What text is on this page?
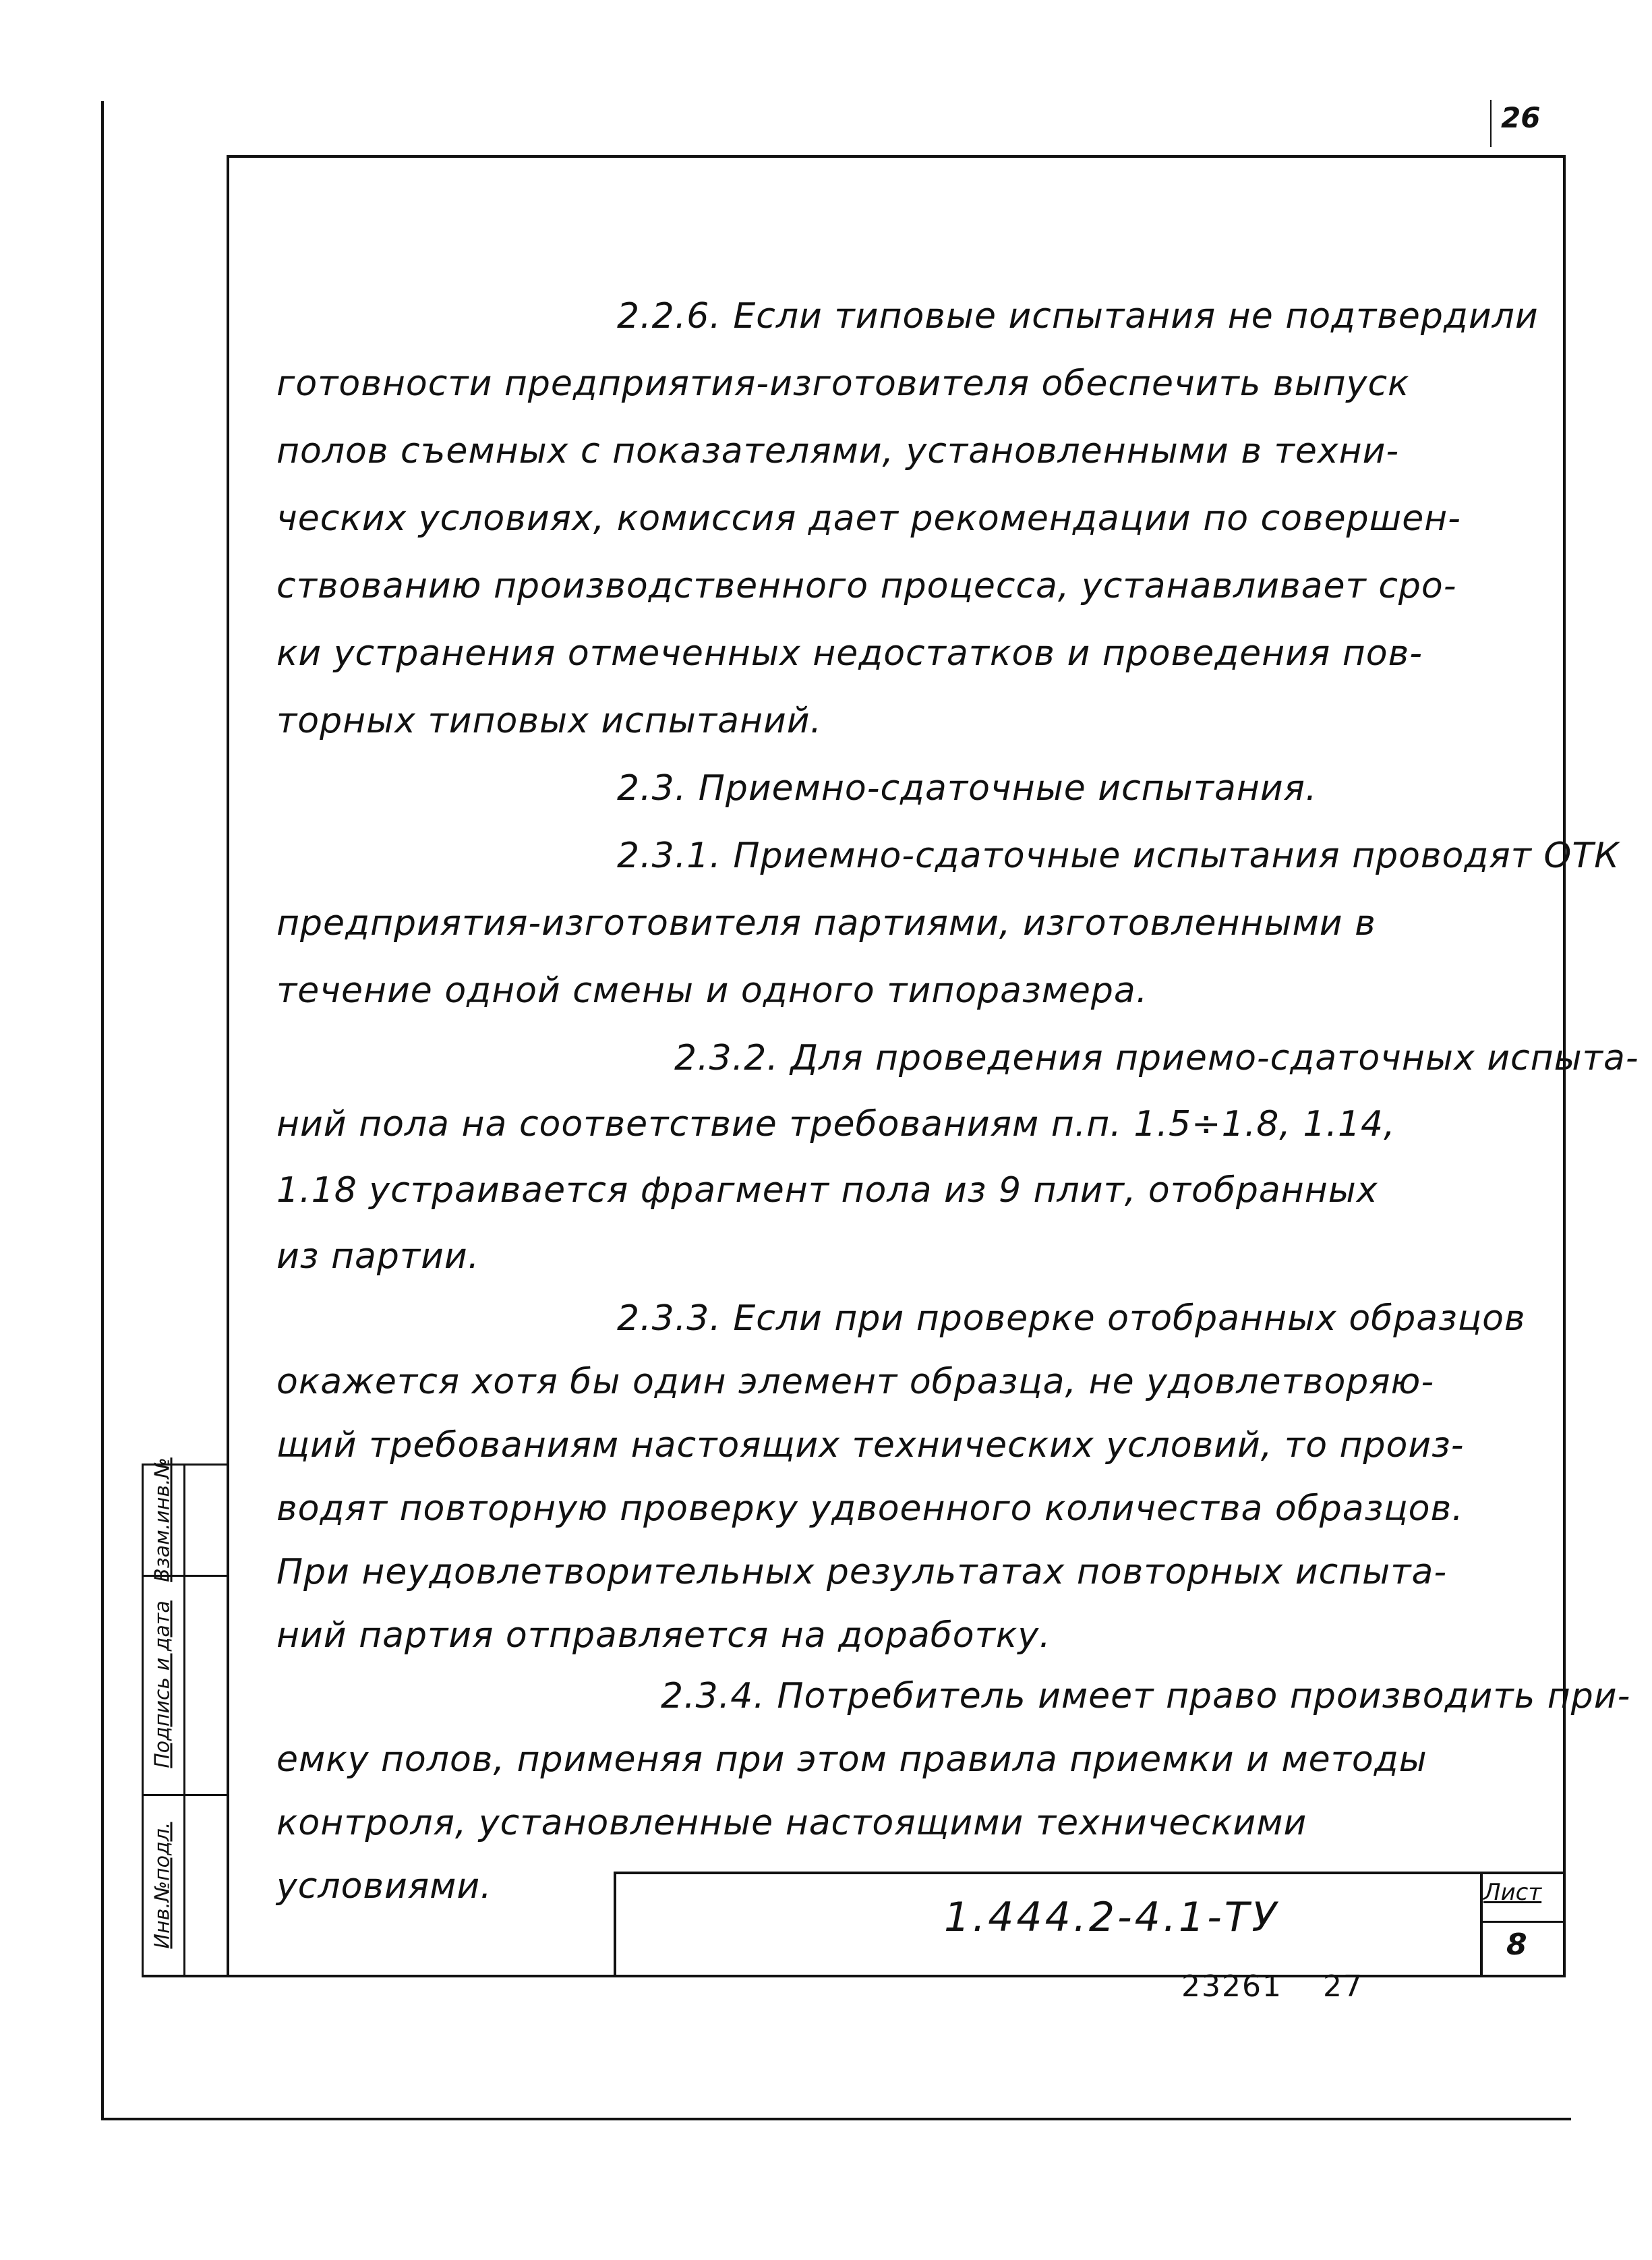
26
Взам.инв.№
Подпись и дата
Инв.№подл.	1.444.2-4.1-ТУ
Лист
8
23261 27
2.2.6. Если типовые испытания не подтвердили
готовности предприятия-изготовителя обеспечить выпуск
полов съемных с показателями, установленными в техни-
ческих условиях, комиссия дает рекомендации по совершен-
ствованию производственного процесса, устанавливает сро-
ки устранения отмеченных недостатков и проведения пов-
торных типовых испытаний.
2.3. Приемно-сдаточные испытания.
2.3.1. Приемно-сдаточные испытания проводят ОТК
предприятия-изготовителя партиями, изготовленными в
течение одной смены и одного типоразмера.
2.3.2. Для проведения приемо-сдаточных испыта-
ний пола на соответствие требованиям п.п. 1.5÷1.8, 1.14,
1.18 устраивается фрагмент пола из 9 плит, отобранных
из партии.
2.3.3. Если при проверке отобранных образцов
окажется хотя бы один элемент образца, не удовлетворяю-
щий требованиям настоящих технических условий, то произ-
водят повторную проверку удвоенного количества образцов.
При неудовлетворительных результатах повторных испыта-
ний партия отправляется на доработку.
2.3.4. Потребитель имеет право производить при-
емку полов, применяя при этом правила приемки и методы
контроля, установленные настоящими техническими
условиями.
